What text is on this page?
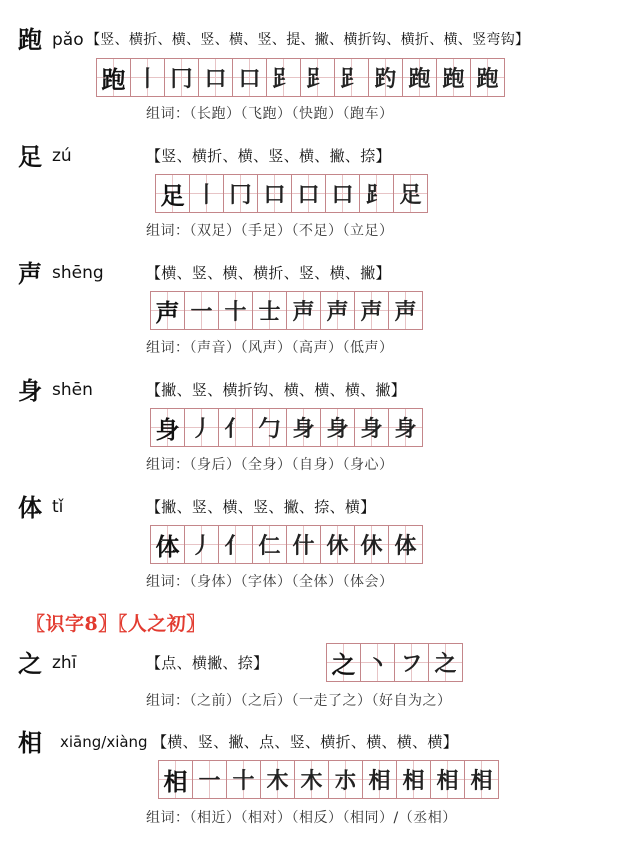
跑 pǎo 【竖、横折、横、竖、横、竖、提、撇、横折钩、横折、横、竖弯钩】
跑 丨 冂 口 口 𧾷 𧾷 𧾷 趵 跑 跑 跑
组词：（长跑）（飞跑）（快跑）（跑车）
足 zú	【竖、横折、横、竖、横、撇、捺】
足 丨 冂 口 口 口 ⻊ 足
组词：（双足）（手足）（不足）（立足）
声 shēng	【横、竖、横、横折、竖、横、撇】
声 一 十 士 声 声 声 声
组词：（声音）（风声）（高声）（低声）
身 shēn	【撇、竖、横折钩、横、横、横、撇】
身 丿 亻 勹 身 身 身 身
组词：（身后）（全身）（自身）（身心）
体 tǐ	【撇、竖、横、竖、撇、捺、横】
体 丿 亻 仁 什 休 休 体
组词：（身体）（字体）（全体）（体会）
〖识字8〗〖人之初〗
之 zhī	【点、横撇、捺】	之 丶 フ 之
组词：（之前）（之后）（一走了之）（好自为之）
相 xiāng/xiàng 【横、竖、撇、点、竖、横折、横、横、横】
相 一 十 木 木 朩 相 相 相 相
组词：（相近）（相对）（相反）（相同）/（丞相）
